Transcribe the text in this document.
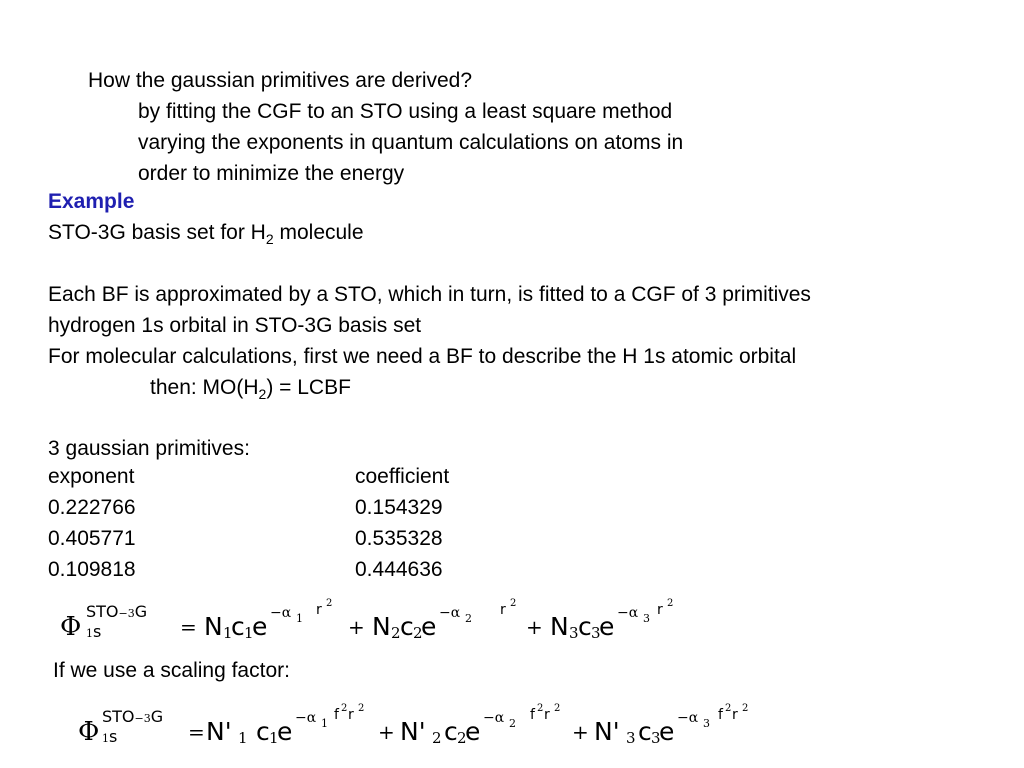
How the gaussian primitives are derived?
by fitting the CGF to an STO using a least square method
varying the exponents in quantum calculations on atoms in
order to minimize the energy
Example
STO-3G basis set for $H_2$ molecule
Each BF is approximated by a STO, which in turn, is fitted to a CGF of 3 primitives
hydrogen 1s orbital in STO-3G basis set
For molecular calculations, first we need a BF to describe the H 1s atomic orbital
then: $MO(H_2)$ = LCBF
3 gaussian primitives:
exponent	coefficient
0.222766	0.154329
0.405771	0.535328
0.109818	0.444636
Φ
STO−3G
1s	= N 1
c 1
e −α 1
r 2
+ N 2 c 2
e −α 2
r 2
+ N 3 c 3
e −α 3
r 2
If we use a scaling factor:
Φ
STO−3G
1s	= N' 1 c 1
e −α 1
f 2 r 2
+ N' 2 c 2
e −α 2
f 2 r 2
+ N' 3 c 3
e −α 3
f 2 r 2
